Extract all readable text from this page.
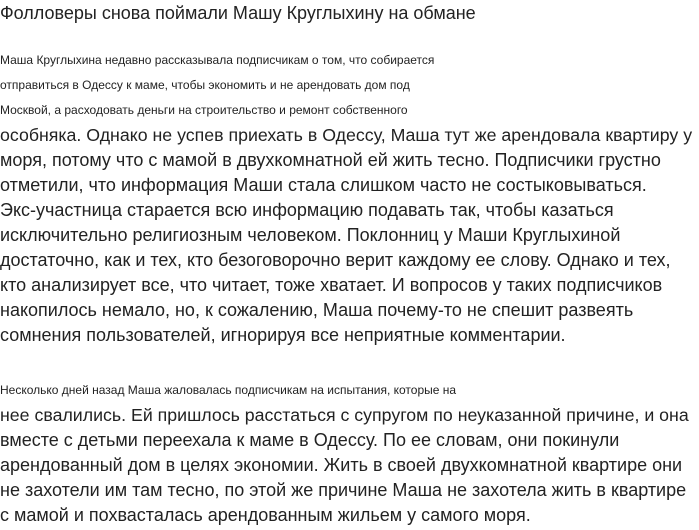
Фолловеры снова поймали Машу Круглыхину на обмане

Маша Круглыхина недавно рассказывала подписчикам о том, что собирается
отправиться в Одессу к маме, чтобы экономить и не арендовать дом под
Москвой, а расходовать деньги на строительство и ремонт собственного
особняка. Однако не успев приехать в Одессу, Маша тут же арендовала квартиру у
моря, потому что с мамой в двухкомнатной ей жить тесно. Подписчики грустно
отметили, что информация Маши стала слишком часто не состыковываться.
Экс-участница старается всю информацию подавать так, чтобы казаться
исключительно религиозным человеком. Поклонниц у Маши Круглыхиной
достаточно, как и тех, кто безоговорочно верит каждому ее слову. Однако и тех,
кто анализирует все, что читает, тоже хватает. И вопросов у таких подписчиков
накопилось немало, но, к сожалению, Маша почему-то не спешит развеять
сомнения пользователей, игнорируя все неприятные комментарии.

Несколько дней назад Маша жаловалась подписчикам на испытания, которые на
нее свалились. Ей пришлось расстаться с супругом по неуказанной причине, и она
вместе с детьми переехала к маме в Одессу. По ее словам, они покинули
арендованный дом в целях экономии. Жить в своей двухкомнатной квартире они
не захотели им там тесно, по этой же причине Маша не захотела жить в квартире
с мамой и похвасталась арендованным жильем у самого моря.
